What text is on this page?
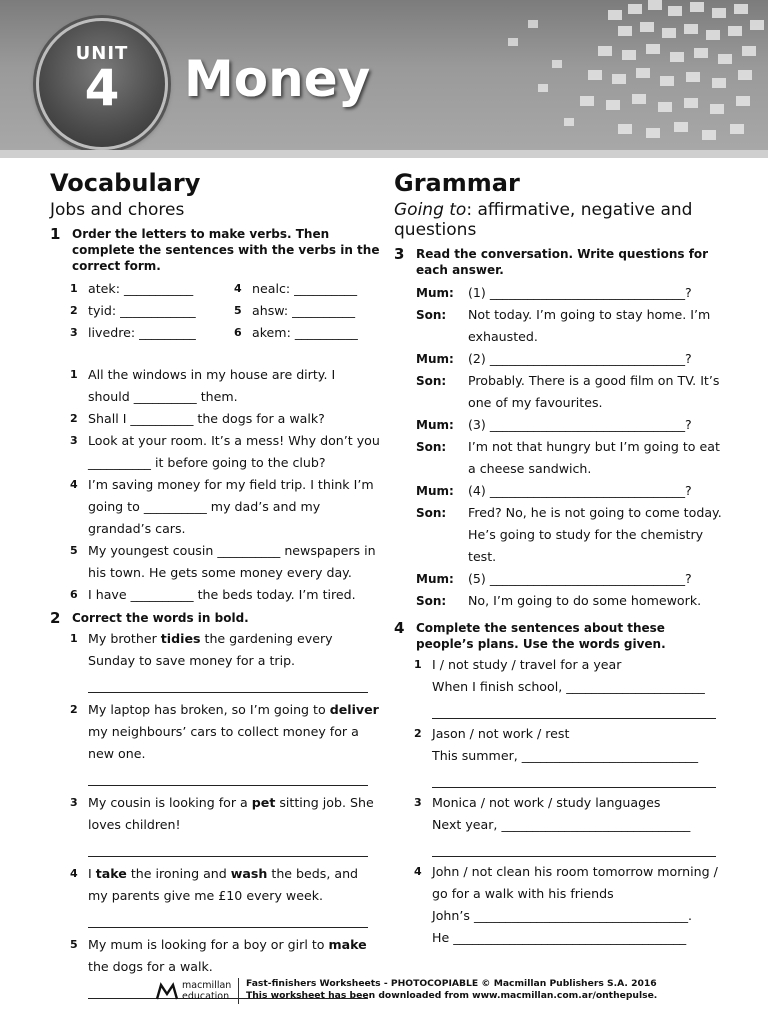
UNIT
4	Money
Vocabulary
Jobs and chores
1 Order the letters to make verbs. Then complete the sentences with the verbs in the correct form.
1 atek: ___________	4 nealc: __________
2 tyid: ____________	5 ahsw: __________
3 livedre: _________	6 akem: __________
1 All the windows in my house are dirty. I should __________ them.
2 Shall I __________ the dogs for a walk?
3 Look at your room. It’s a mess! Why don’t you __________ it before going to the club?
4 I’m saving money for my field trip. I think I’m going to __________ my dad’s and my grandad’s cars.
5 My youngest cousin __________ newspapers in his town. He gets some money every day.
6 I have __________ the beds today. I’m tired.
2 Correct the words in bold.
1 My brother tidies the gardening every Sunday to save money for a trip.
2 My laptop has broken, so I’m going to deliver my neighbours’ cars to collect money for a new one.
3 My cousin is looking for a pet sitting job. She loves children!
4 I take the ironing and wash the beds, and my parents give me £10 every week.
5 My mum is looking for a boy or girl to make the dogs for a walk.
Grammar
Going to: affirmative, negative and questions
3 Read the conversation. Write questions for each answer.
Mum:	(1) _______________________________?
Son:	Not today. I’m going to stay home. I’m exhausted.
Mum:	(2) _______________________________?
Son:	Probably. There is a good film on TV. It’s one of my favourites.
Mum:	(3) _______________________________?
Son:	I’m not that hungry but I’m going to eat a cheese sandwich.
Mum:	(4) _______________________________?
Son:	Fred? No, he is not going to come today. He’s going to study for the chemistry test.
Mum:	(5) _______________________________?
Son:	No, I’m going to do some homework.
4 Complete the sentences about these people’s plans. Use the words given.
1 I / not study / travel for a year
When I finish school, ______________________
2 Jason / not work / rest
This summer, ____________________________
3 Monica / not work / study languages
Next year, ______________________________
4 John / not clean his room tomorrow morning / go for a walk with his friends
John’s __________________________________.
He _____________________________________
macmillan
education
Fast-finishers Worksheets - PHOTOCOPIABLE © Macmillan Publishers S.A. 2016
This worksheet has been downloaded from www.macmillan.com.ar/onthepulse.
